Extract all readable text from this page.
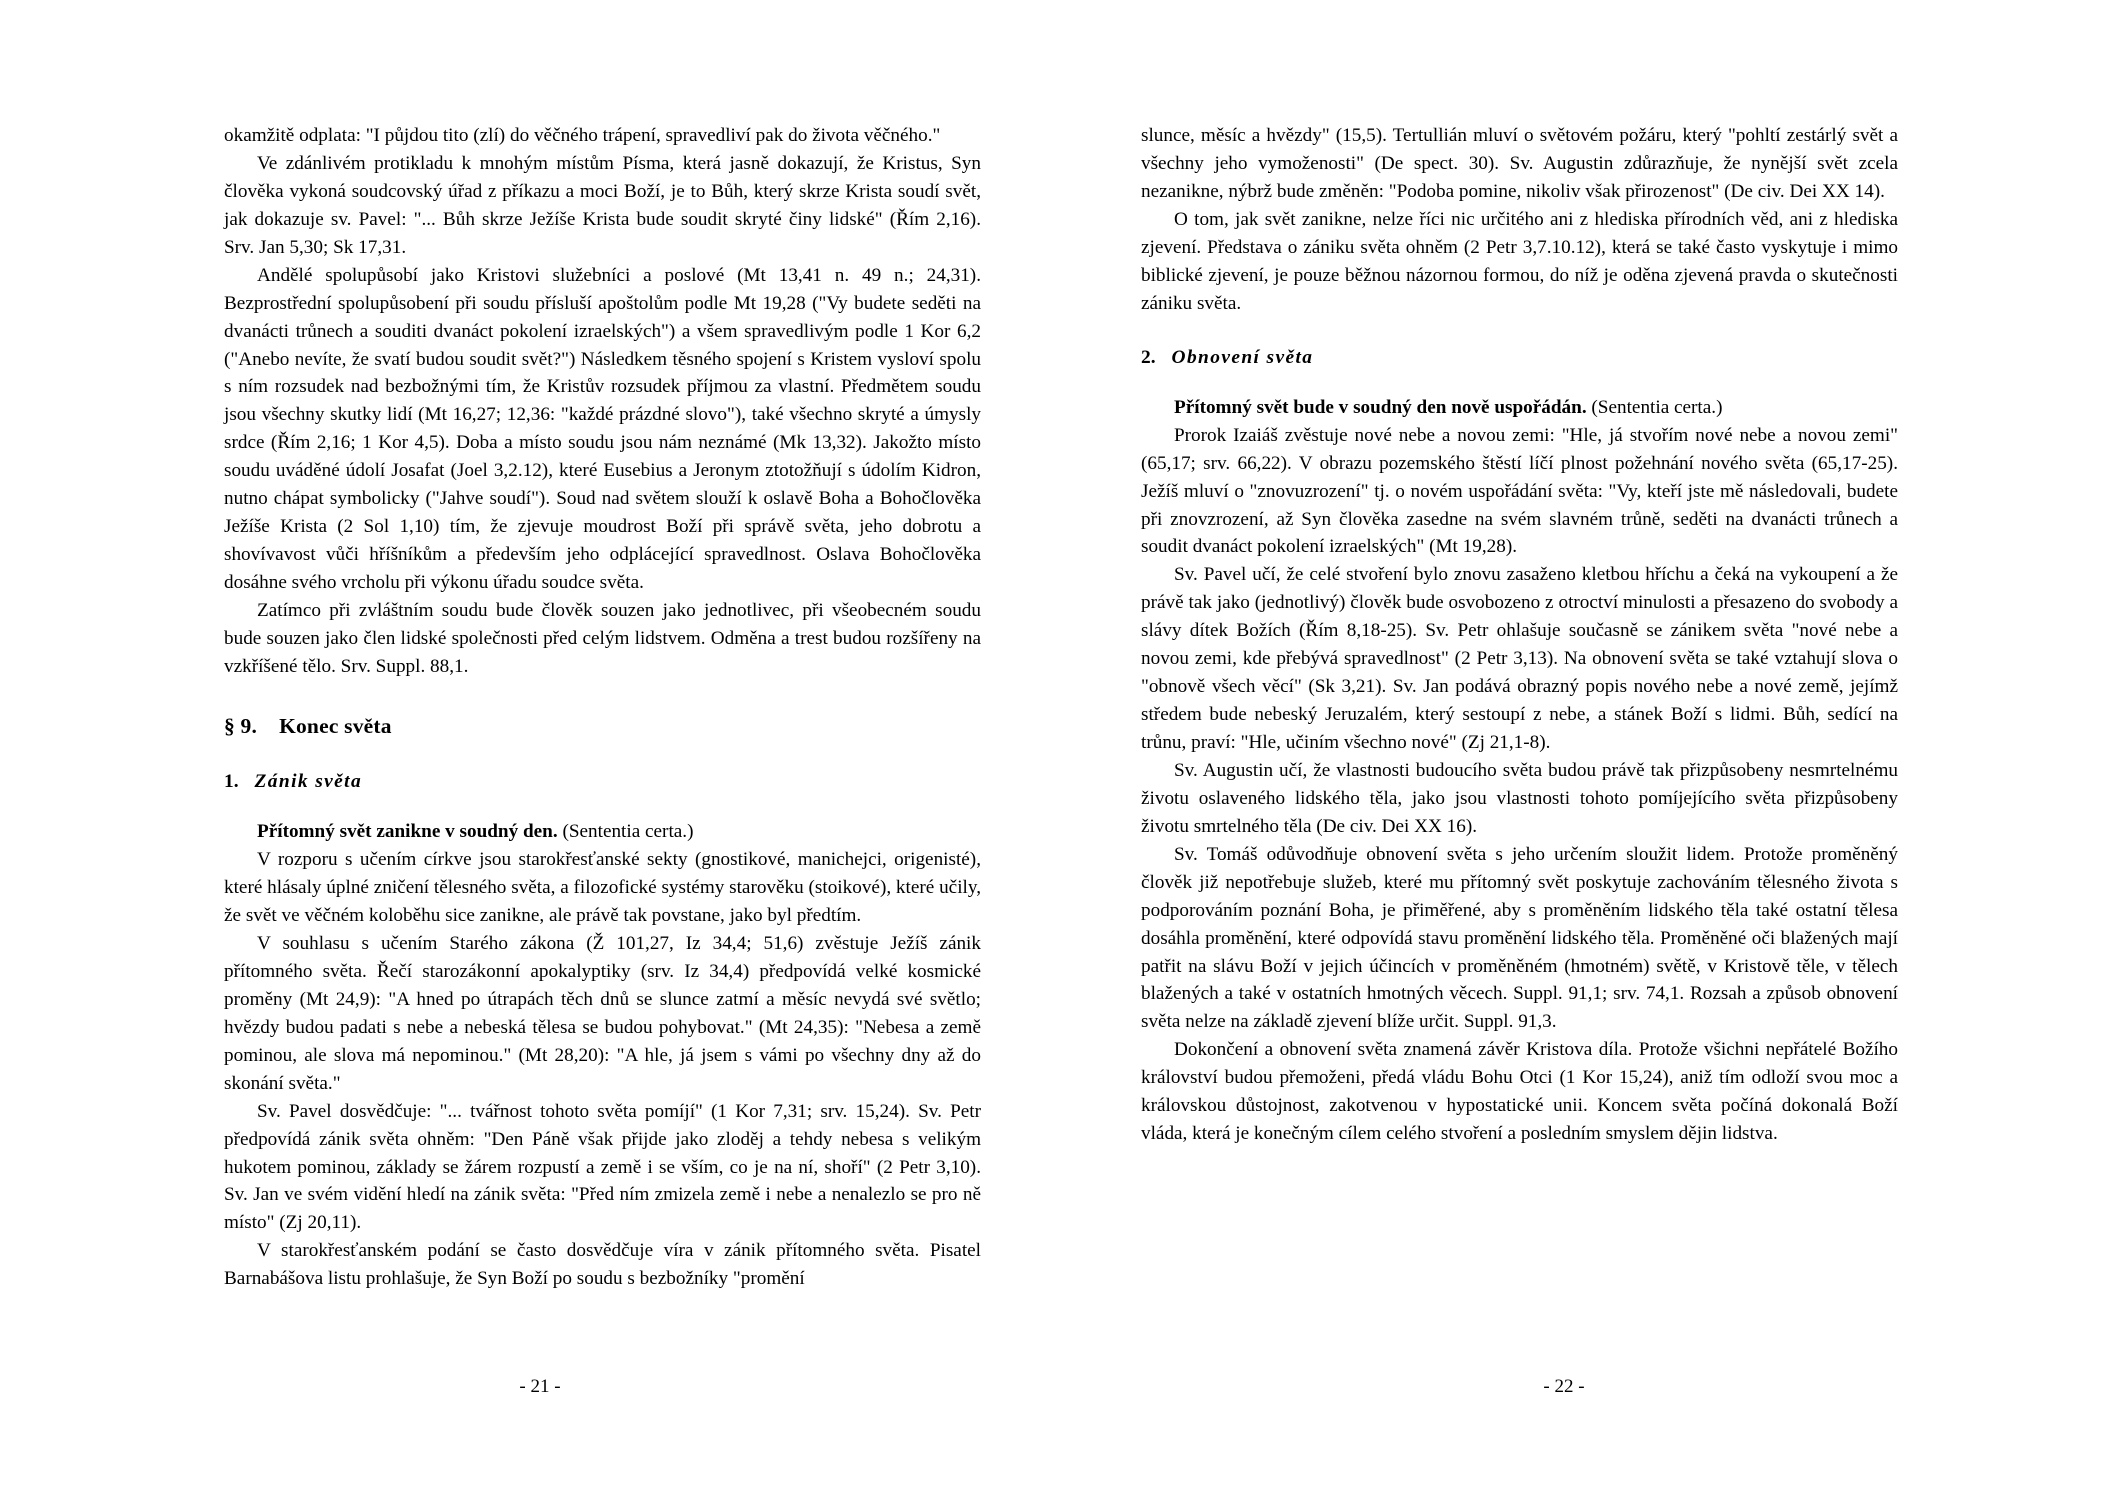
okamžitě odplata: "I půjdou tito (zlí) do věčného trápení, spravedliví pak do života věčného."

Ve zdánlivém protikladu k mnohým místům Písma, která jasně dokazují, že Kristus, Syn člověka vykoná soudcovský úřad z příkazu a moci Boží, je to Bůh, který skrze Krista soudí svět, jak dokazuje sv. Pavel: "... Bůh skrze Ježíše Krista bude soudit skryté činy lidské" (Řím 2,16). Srv. Jan 5,30; Sk 17,31.

Andělé spolupůsobí jako Kristovi služebníci a poslové (Mt 13,41 n. 49 n.; 24,31). Bezprostřední spolupůsobení při soudu přísluší apoštolům podle Mt 19,28 ("Vy budete seděti na dvanácti trůnech a souditi dvanáct pokolení izraelských") a všem spravedlivým podle 1 Kor 6,2 ("Anebo nevíte, že svatí budou soudit svět?") Následkem těsného spojení s Kristem vysloví spolu s ním rozsudek nad bezbožnými tím, že Kristův rozsudek příjmou za vlastní. Předmětem soudu jsou všechny skutky lidí (Mt 16,27; 12,36: "každé prázdné slovo"), také všechno skryté a úmysly srdce (Řím 2,16; 1 Kor 4,5). Doba a místo soudu jsou nám neznámé (Mk 13,32). Jakožto místo soudu uváděné údolí Josafat (Joel 3,2.12), které Eusebius a Jeronym ztotožňují s údolím Kidron, nutno chápat symbolicky ("Jahve soudí"). Soud nad světem slouží k oslavě Boha a Bohočlověka Ježíše Krista (2 Sol 1,10) tím, že zjevuje moudrost Boží při správě světa, jeho dobrotu a shovívavost vůči hříšníkům a především jeho odplácející spravedlnost. Oslava Bohočlověka dosáhne svého vrcholu při výkonu úřadu soudce světa.

Zatímco při zvláštním soudu bude člověk souzen jako jednotlivec, při všeobecném soudu bude souzen jako člen lidské společnosti před celým lidstvem. Odměna a trest budou rozšířeny na vzkříšené tělo. Srv. Suppl. 88,1.

§ 9. Konec světa

1. Zánik světa

Přítomný svět zanikne v soudný den. (Sententia certa.)

V rozporu s učením církve jsou starokřesťanské sekty (gnostikové, manichejci, origenisté), které hlásaly úplné zničení tělesného světa, a filozofické systémy starověku (stoikové), které učily, že svět ve věčném koloběhu sice zanikne, ale právě tak povstane, jako byl předtím.

V souhlasu s učením Starého zákona (Ž 101,27, Iz 34,4; 51,6) zvěstuje Ježíš zánik přítomného světa. Řečí starozákonní apokalyptiky (srv. Iz 34,4) předpovídá velké kosmické proměny (Mt 24,9): "A hned po útrapách těch dnů se slunce zatmí a měsíc nevydá své světlo; hvězdy budou padati s nebe a nebeská tělesa se budou pohybovat." (Mt 24,35): "Nebesa a země pominou, ale slova má nepominou." (Mt 28,20): "A hle, já jsem s vámi po všechny dny až do skonání světa."

Sv. Pavel dosvědčuje: "... tvářnost tohoto světa pomíjí" (1 Kor 7,31; srv. 15,24). Sv. Petr předpovídá zánik světa ohněm: "Den Páně však přijde jako zloděj a tehdy nebesa s velikým hukotem pominou, základy se žárem rozpustí a země i se vším, co je na ní, shoří" (2 Petr 3,10). Sv. Jan ve svém vidění hledí na zánik světa: "Před ním zmizela země i nebe a nenalezlo se pro ně místo" (Zj 20,11).

V starokřesťanském podání se často dosvědčuje víra v zánik přítomného světa. Pisatel Barnabášova listu prohlašuje, že Syn Boží po soudu s bezbožníky "promění

slunce, měsíc a hvězdy" (15,5). Tertullián mluví o světovém požáru, který "pohltí zestárlý svět a všechny jeho vymoženosti" (De spect. 30). Sv. Augustin zdůrazňuje, že nynější svět zcela nezanikne, nýbrž bude změněn: "Podoba pomine, nikoliv však přirozenost" (De civ. Dei XX 14).

O tom, jak svět zanikne, nelze říci nic určitého ani z hlediska přírodních věd, ani z hlediska zjevení. Představa o zániku světa ohněm (2 Petr 3,7.10.12), která se také často vyskytuje i mimo biblické zjevení, je pouze běžnou názornou formou, do níž je oděna zjevená pravda o skutečnosti zániku světa.

2. Obnovení světa

Přítomný svět bude v soudný den nově uspořádán. (Sententia certa.)

Prorok Izaiáš zvěstuje nové nebe a novou zemi: "Hle, já stvořím nové nebe a novou zemi" (65,17; srv. 66,22). V obrazu pozemského štěstí líčí plnost požehnání nového světa (65,17-25). Ježíš mluví o "znovuzrození" tj. o novém uspořádání světa: "Vy, kteří jste mě následovali, budete při znovzrození, až Syn člověka zasedne na svém slavném trůně, seděti na dvanácti trůnech a soudit dvanáct pokolení izraelských" (Mt 19,28).

Sv. Pavel učí, že celé stvoření bylo znovu zasaženo kletbou hříchu a čeká na vykoupení a že právě tak jako (jednotlivý) člověk bude osvobozeno z otroctví minulosti a přesazeno do svobody a slávy dítek Božích (Řím 8,18-25). Sv. Petr ohlašuje současně se zánikem světa "nové nebe a novou zemi, kde přebývá spravedlnost" (2 Petr 3,13). Na obnovení světa se také vztahují slova o "obnově všech věcí" (Sk 3,21). Sv. Jan podává obrazný popis nového nebe a nové země, jejímž středem bude nebeský Jeruzalém, který sestoupí z nebe, a stánek Boží s lidmi. Bůh, sedící na trůnu, praví: "Hle, učiním všechno nové" (Zj 21,1-8).

Sv. Augustin učí, že vlastnosti budoucího světa budou právě tak přizpůsobeny nesmrtelnému životu oslaveného lidského těla, jako jsou vlastnosti tohoto pomíjejícího světa přizpůsobeny životu smrtelného těla (De civ. Dei XX 16).

Sv. Tomáš odůvodňuje obnovení světa s jeho určením sloužit lidem. Protože proměněný člověk již nepotřebuje služeb, které mu přítomný svět poskytuje zachováním tělesného života s podporováním poznání Boha, je přiměřené, aby s proměněním lidského těla také ostatní tělesa dosáhla proměnění, které odpovídá stavu proměnění lidského těla. Proměněné oči blažených mají patřit na slávu Boží v jejich účincích v proměněném (hmotném) světě, v Kristově těle, v tělech blažených a také v ostatních hmotných věcech. Suppl. 91,1; srv. 74,1. Rozsah a způsob obnovení světa nelze na základě zjevení blíže určit. Suppl. 91,3.

Dokončení a obnovení světa znamená závěr Kristova díla. Protože všichni nepřátelé Božího království budou přemoženi, předá vládu Bohu Otci (1 Kor 15,24), aniž tím odloží svou moc a královskou důstojnost, zakotvenou v hypostatické unii. Koncem světa počíná dokonalá Boží vláda, která je konečným cílem celého stvoření a posledním smyslem dějin lidstva.

- 21 -	- 22 -
